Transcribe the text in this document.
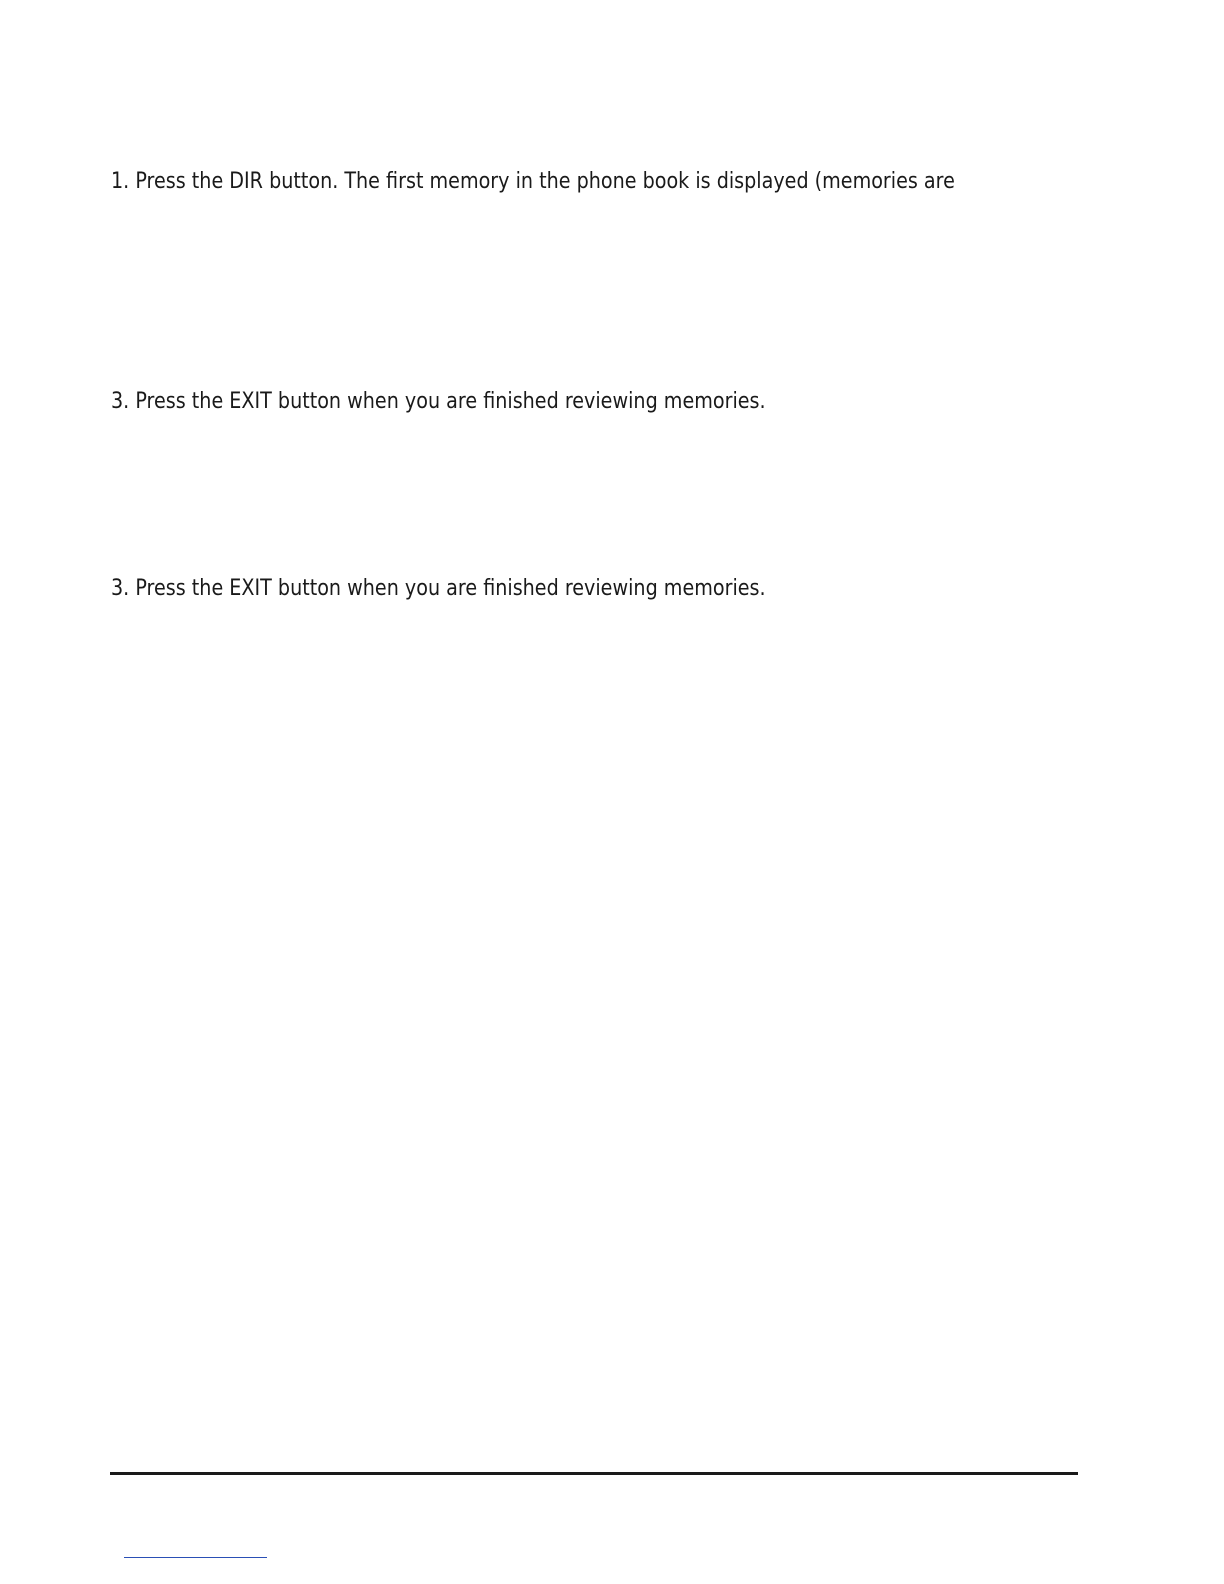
1. Press the DIR button. The first memory in the phone book is displayed (memories are

3. Press the EXIT button when you are finished reviewing memories.

3. Press the EXIT button when you are finished reviewing memories.
